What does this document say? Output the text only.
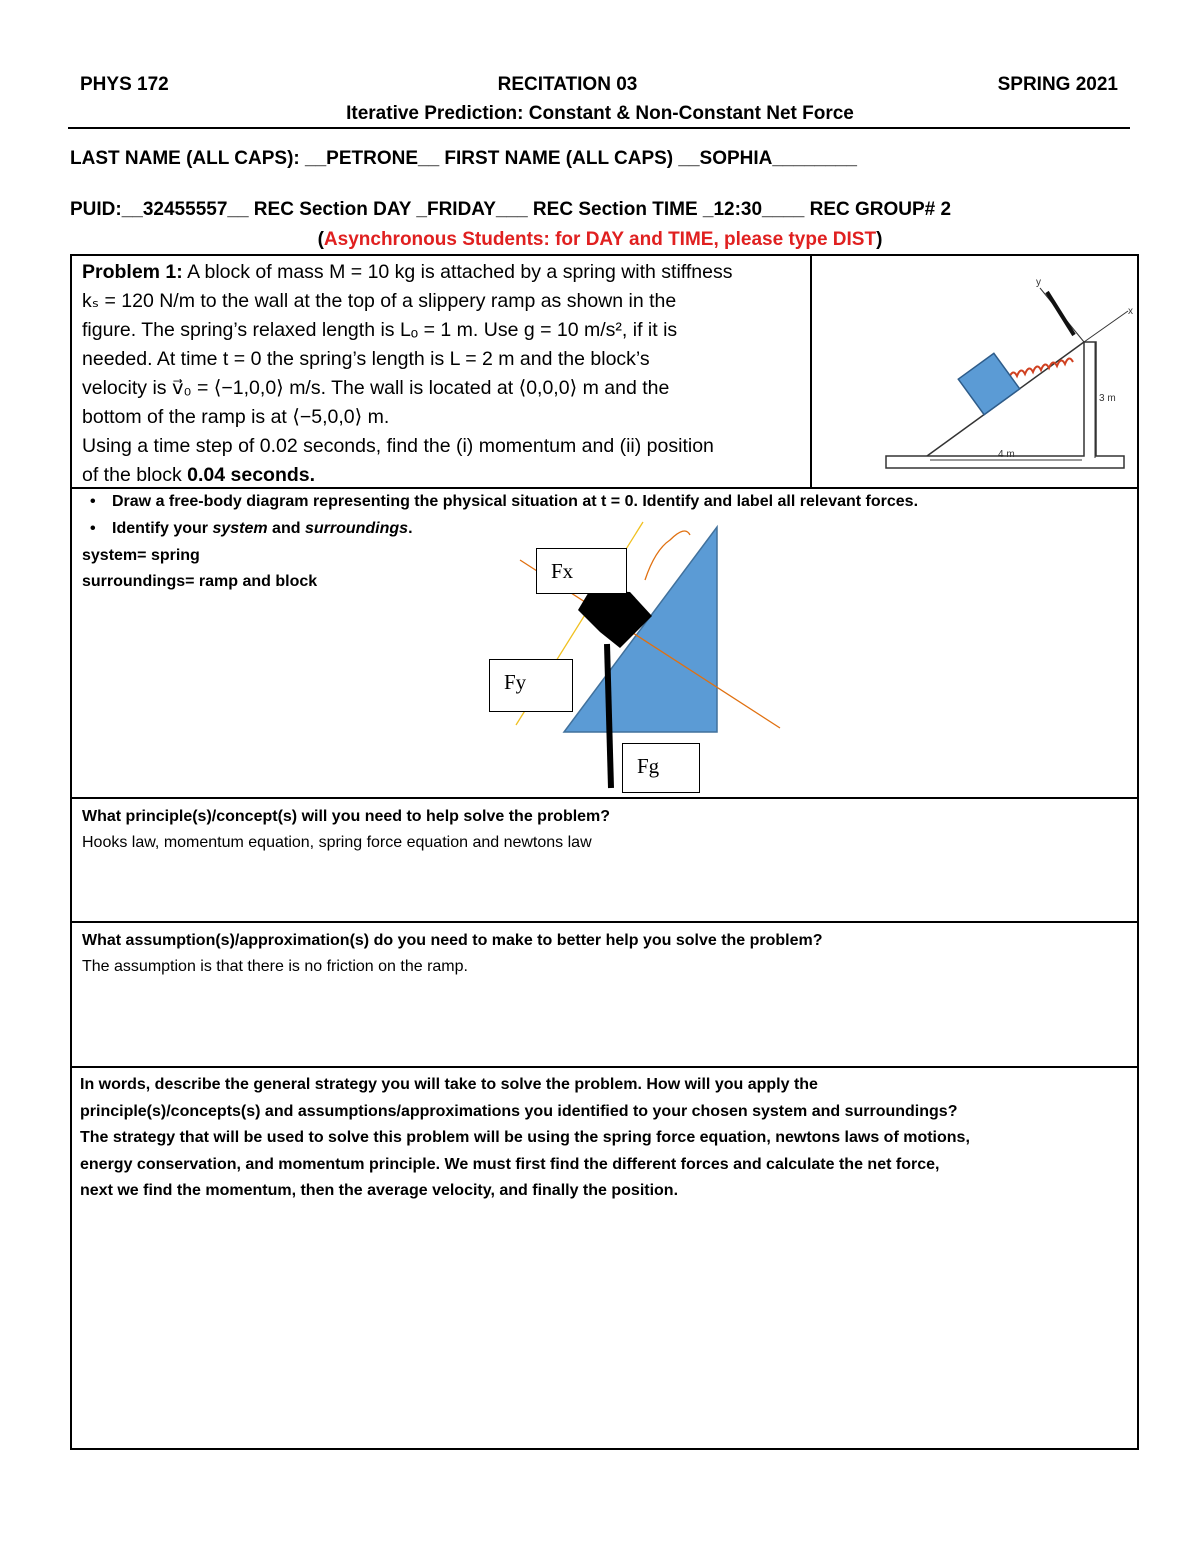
PHYS 172	RECITATION 03	SPRING 2021
Iterative Prediction: Constant & Non-Constant Net Force
LAST NAME (ALL CAPS): __PETRONE__ FIRST NAME (ALL CAPS) __SOPHIA________
PUID:__32455557__ REC Section DAY _FRIDAY___ REC Section TIME _12:30____ REC GROUP# 2
(Asynchronous Students: for DAY and TIME, please type DIST)
Problem 1: A block of mass M = 10 kg is attached by a spring with stiffness
kₛ = 120 N/m to the wall at the top of a slippery ramp as shown in the
figure. The spring’s relaxed length is Lₒ = 1 m. Use g = 10 m/s², if it is
needed. At time t = 0 the spring’s length is L = 2 m and the block’s
velocity is v⃗₀ = ⟨−1,0,0⟩ m/s. The wall is located at ⟨0,0,0⟩ m and the
bottom of the ramp is at ⟨−5,0,0⟩ m.
Using a time step of 0.02 seconds, find the (i) momentum and (ii) position
of the block 0.04 seconds.
y
x
3 m
4 m
• Draw a free-body diagram representing the physical situation at t = 0. Identify and label all relevant forces.
• Identify your system and surroundings.
system= spring
surroundings= ramp and block	Fx
Fy
Fg
What principle(s)/concept(s) will you need to help solve the problem?
Hooks law, momentum equation, spring force equation and newtons law
What assumption(s)/approximation(s) do you need to make to better help you solve the problem?
The assumption is that there is no friction on the ramp.
In words, describe the general strategy you will take to solve the problem. How will you apply the
principle(s)/concepts(s) and assumptions/approximations you identified to your chosen system and surroundings?
The strategy that will be used to solve this problem will be using the spring force equation, newtons laws of motions,
energy conservation, and momentum principle. We must first find the different forces and calculate the net force,
next we find the momentum, then the average velocity, and finally the position.
